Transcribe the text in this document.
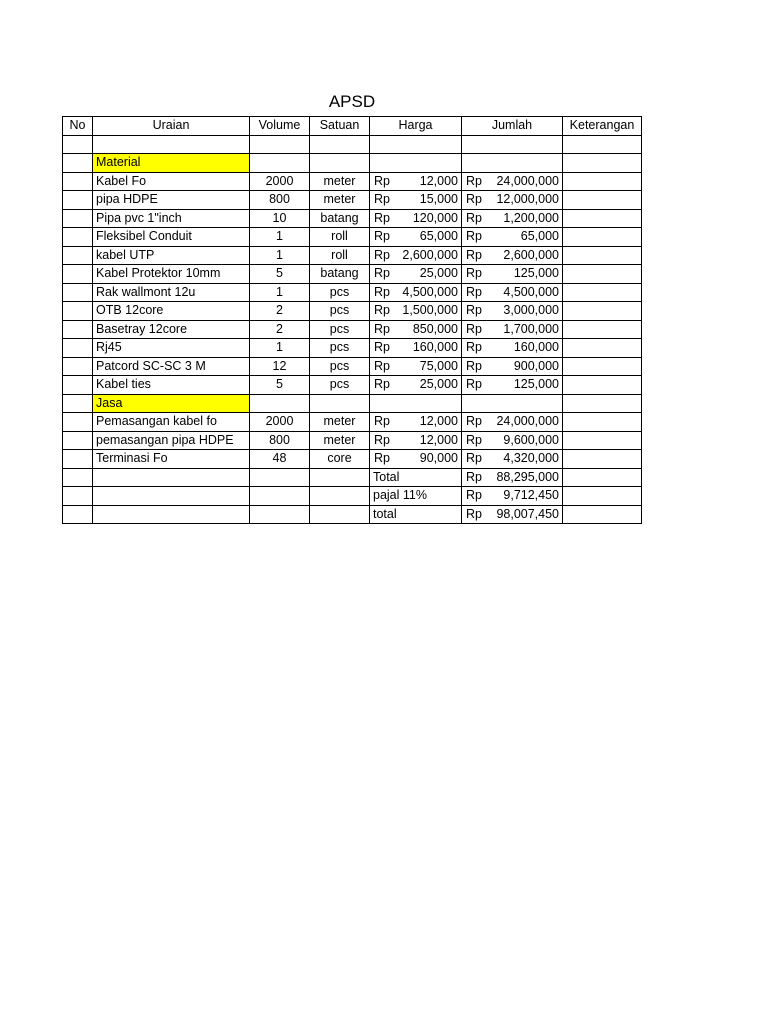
APSD
No	Uraian	Volume	Satuan	Harga	Jumlah	Keterangan

	Material					
	Kabel Fo	2000	meter	Rp 12,000	Rp 24,000,000	

	pipa HDPE	800	meter	Rp 15,000	Rp 12,000,000	

	Pipa pvc 1"inch	10	batang	Rp 120,000	Rp 1,200,000	

	Fleksibel Conduit	1	roll	Rp 65,000	Rp 65,000	

	kabel UTP	1	roll	Rp 2,600,000	Rp 2,600,000	

	Kabel Protektor 10mm	5	batang	Rp 25,000	Rp 125,000	

	Rak wallmont 12u	1	pcs	Rp 4,500,000	Rp 4,500,000	

	OTB 12core	2	pcs	Rp 1,500,000	Rp 3,000,000	

	Basetray 12core	2	pcs	Rp 850,000	Rp 1,700,000	

	Rj45	1	pcs	Rp 160,000	Rp 160,000	

	Patcord SC-SC 3 M	12	pcs	Rp 75,000	Rp 900,000	

	Kabel ties	5	pcs	Rp 25,000	Rp 125,000	

	Jasa					
	Pemasangan kabel fo	2000	meter	Rp 12,000	Rp 24,000,000	

	pemasangan pipa HDPE	800	meter	Rp 12,000	Rp 9,600,000	

	Terminasi Fo	48	core	Rp 90,000	Rp 4,320,000	

				Total	Rp 88,295,000	

				pajal 11%	Rp 9,712,450	

				total	Rp 98,007,450	
